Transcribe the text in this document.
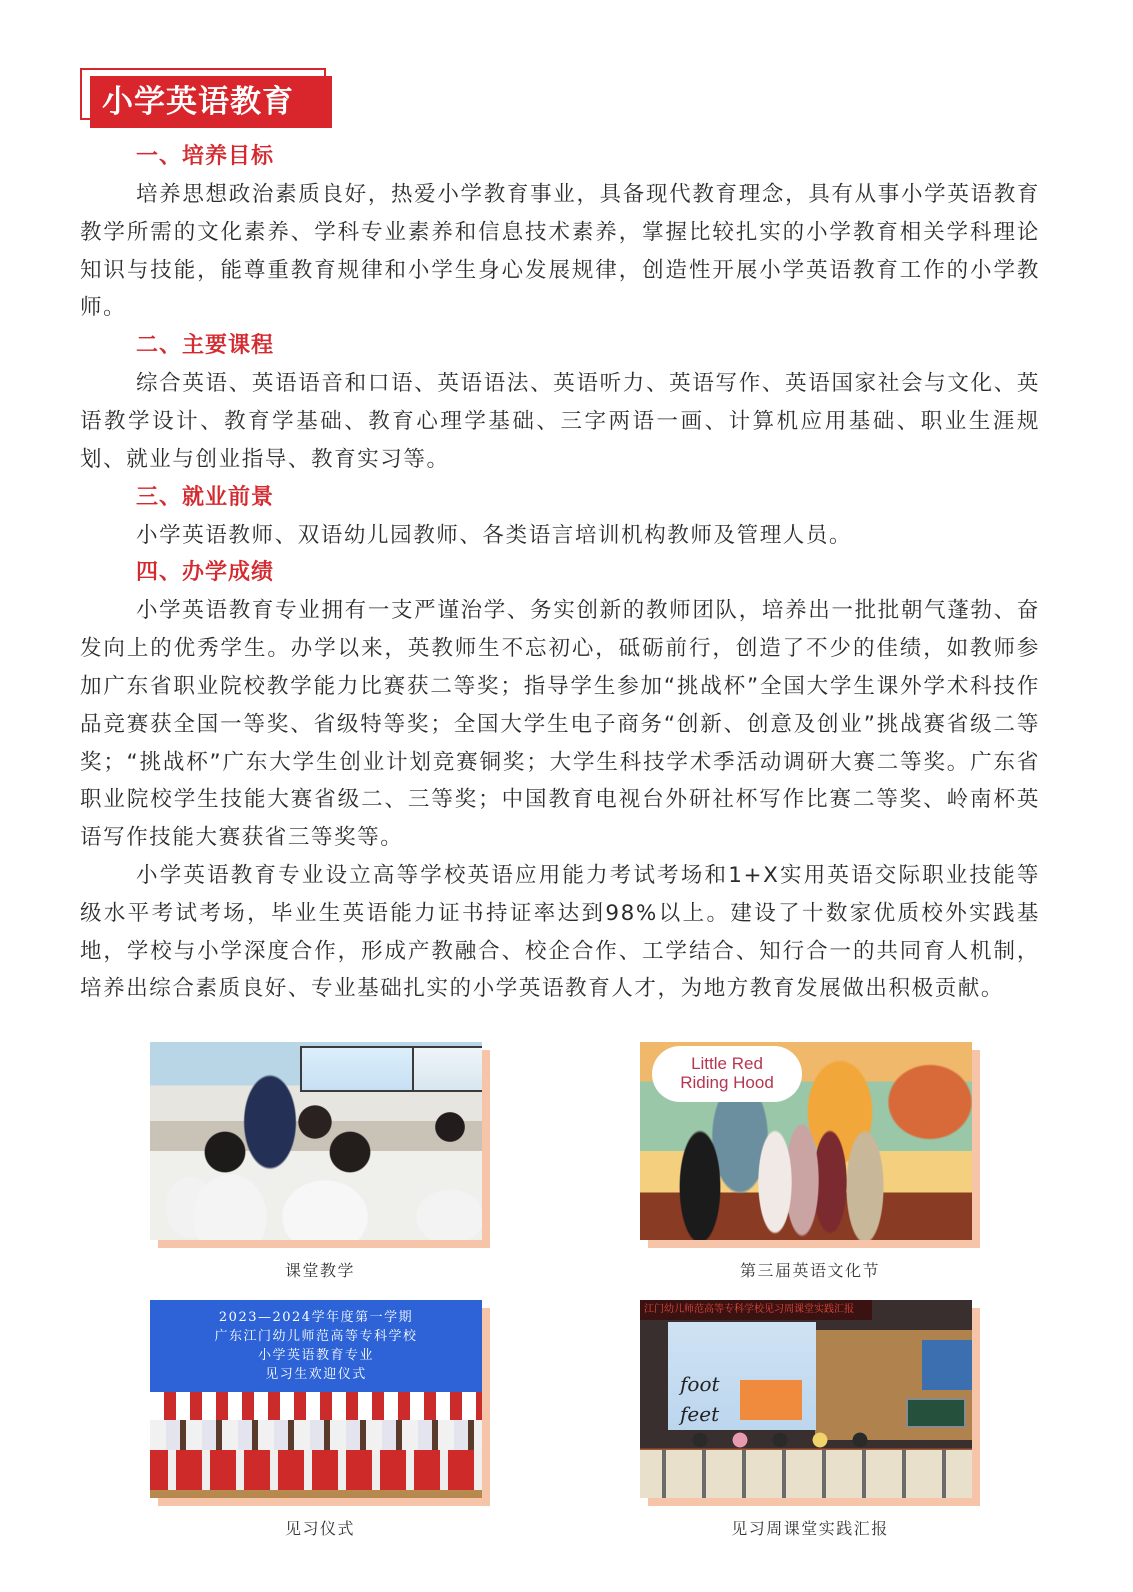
小学英语教育
一、培养目标

培养思想政治素质良好，热爱小学教育事业，具备现代教育理念，具有从事小学英语教育教学所需的文化素养、学科专业素养和信息技术素养，掌握比较扎实的小学教育相关学科理论知识与技能，能尊重教育规律和小学生身心发展规律，创造性开展小学英语教育工作的小学教师。

二、主要课程

综合英语、英语语音和口语、英语语法、英语听力、英语写作、英语国家社会与文化、英语教学设计、教育学基础、教育心理学基础、三字两语一画、计算机应用基础、职业生涯规划、就业与创业指导、教育实习等。

三、就业前景

小学英语教师、双语幼儿园教师、各类语言培训机构教师及管理人员。

四、办学成绩

小学英语教育专业拥有一支严谨治学、务实创新的教师团队，培养出一批批朝气蓬勃、奋发向上的优秀学生。办学以来，英教师生不忘初心，砥砺前行，创造了不少的佳绩，如教师参加广东省职业院校教学能力比赛获二等奖；指导学生参加“挑战杯”全国大学生课外学术科技作品竞赛获全国一等奖、省级特等奖；全国大学生电子商务“创新、创意及创业”挑战赛省级二等奖；“挑战杯”广东大学生创业计划竞赛铜奖；大学生科技学术季活动调研大赛二等奖。广东省职业院校学生技能大赛省级二、三等奖；中国教育电视台外研社杯写作比赛二等奖、岭南杯英语写作技能大赛获省三等奖等。

小学英语教育专业设立高等学校英语应用能力考试考场和1+X实用英语交际职业技能等级水平考试考场，毕业生英语能力证书持证率达到98%以上。建设了十数家优质校外实践基地，学校与小学深度合作，形成产教融合、校企合作、工学结合、知行合一的共同育人机制，培养出综合素质良好、专业基础扎实的小学英语教育人才，为地方教育发展做出积极贡献。

课堂教学
Little Red
Riding Hood
第三届英语文化节
2023—2024学年度第一学期
广东江门幼儿师范高等专科学校
小学英语教育专业
见习生欢迎仪式
见习仪式
foot
feet
江门幼儿师范高等专科学校见习周课堂实践汇报
见习周课堂实践汇报
